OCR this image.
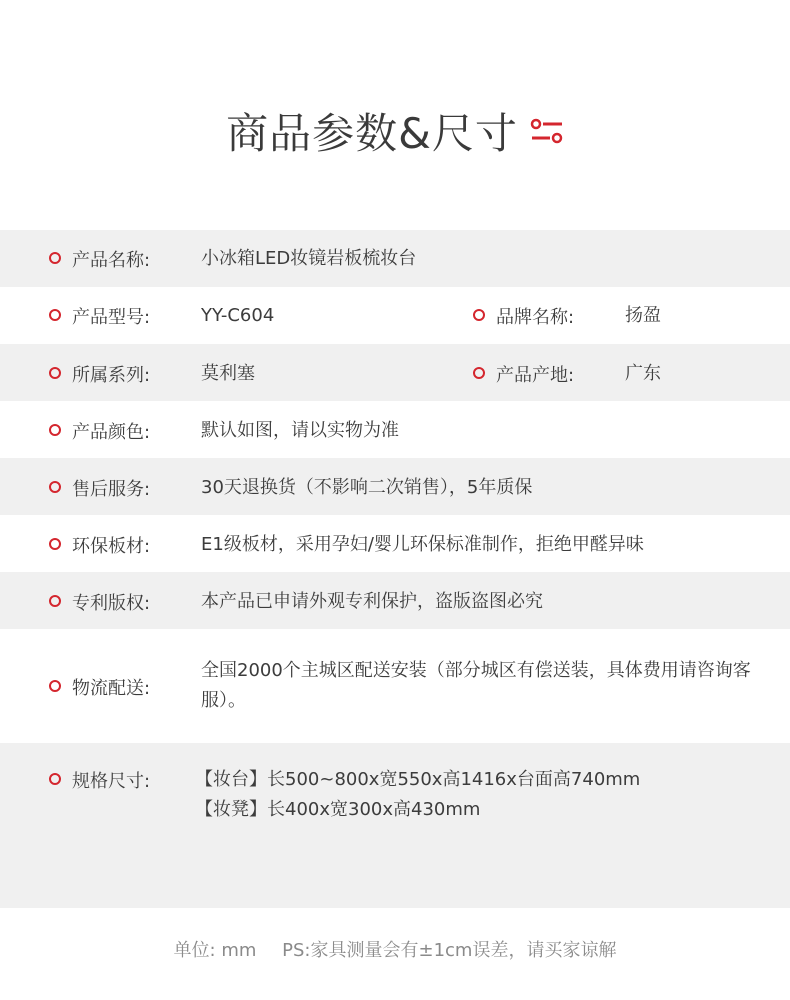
商品参数&尺寸
产品名称:	小冰箱LED妆镜岩板梳妆台
产品型号:	YY-C604	品牌名称:	扬盈
所属系列:	莫利塞	产品产地:	广东
产品颜色:	默认如图，请以实物为准
售后服务:	30天退换货（不影响二次销售），5年质保
环保板材:	E1级板材，采用孕妇/婴儿环保标准制作，拒绝甲醛异味
专利版权:	本产品已申请外观专利保护，盗版盗图必究
物流配送:
全国2000个主城区配送安装（部分城区有偿送装，具体费用请咨询客服）。
规格尺寸: 【妆台】长500~800x宽550x高1416x台面高740mm
【妆凳】长400x宽300x高430mm
单位: mm PS:家具测量会有±1cm误差，请买家谅解
